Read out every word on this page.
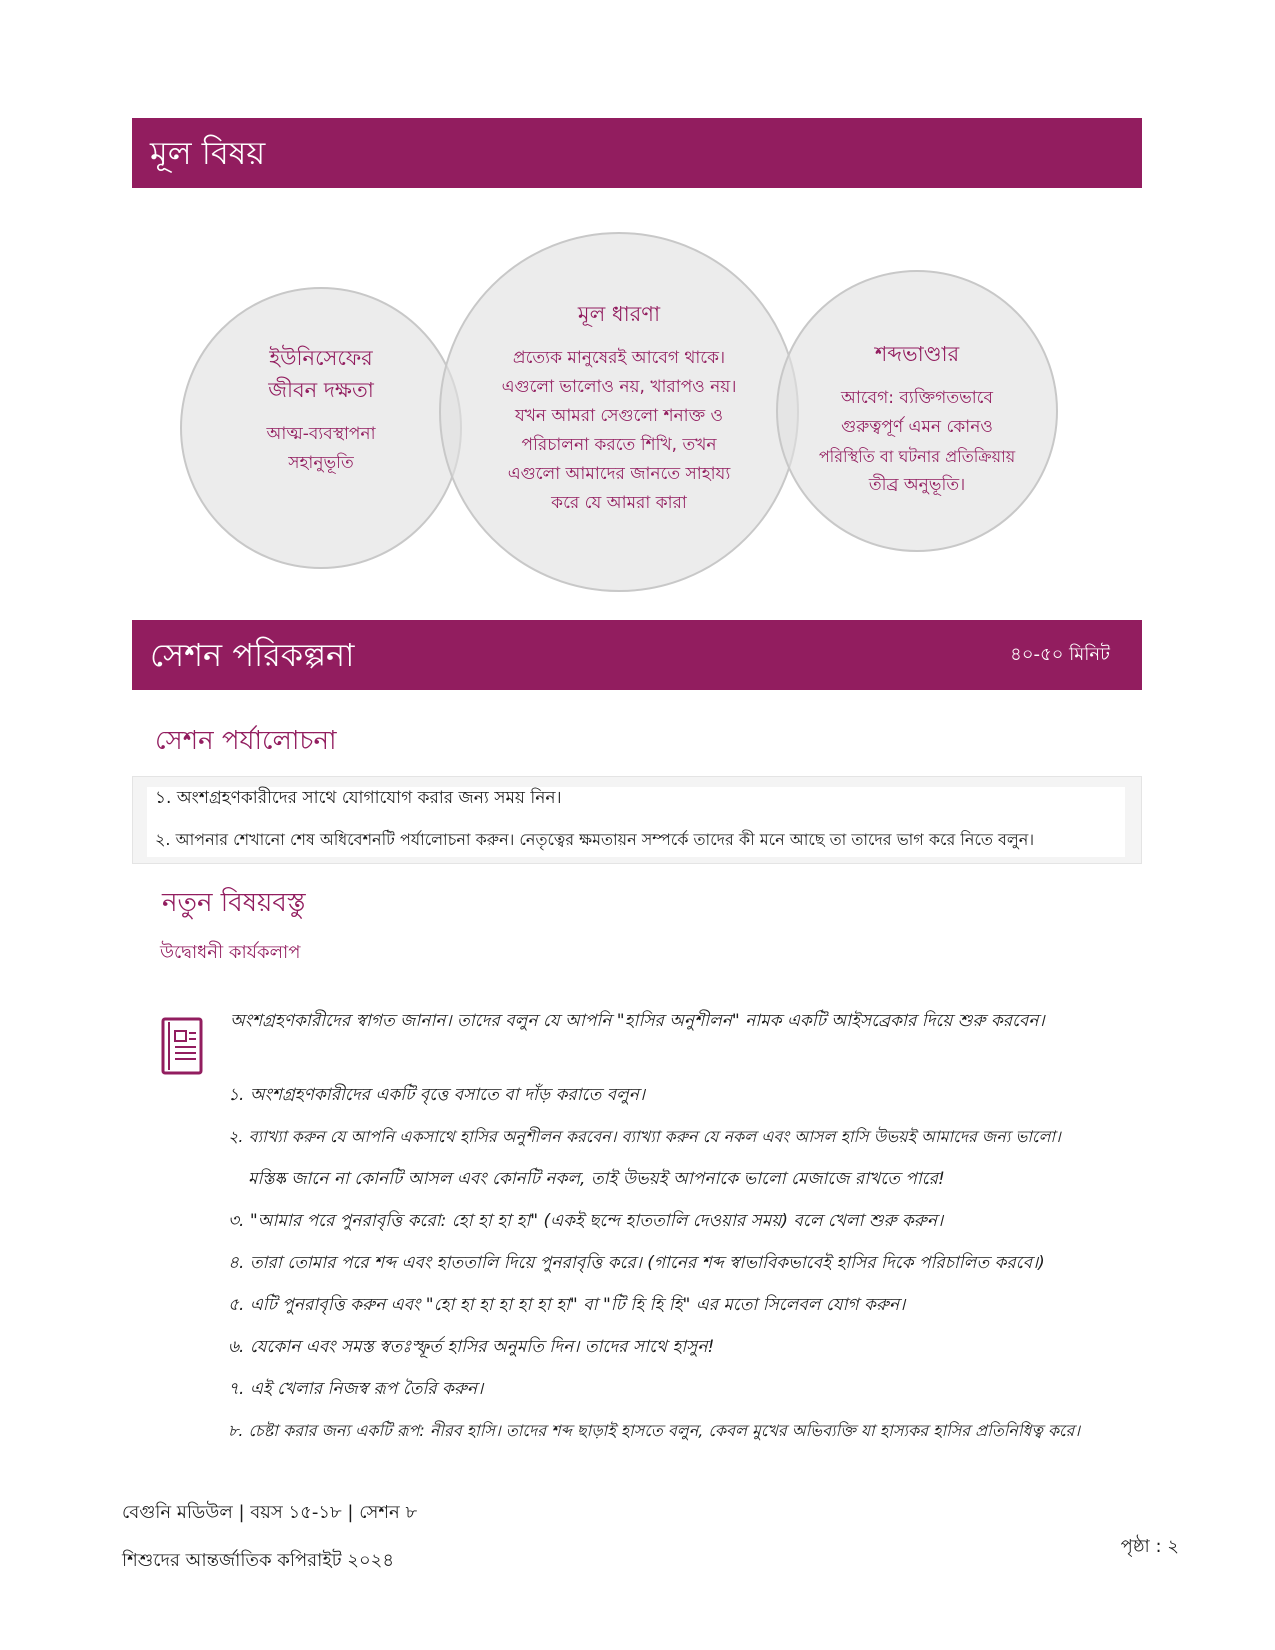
মূল বিষয়
ইউনিসেফের
জীবন দক্ষতা
আত্ম-ব্যবস্থাপনা
সহানুভূতি
মূল ধারণা
প্রত্যেক মানুষেরই আবেগ থাকে।
এগুলো ভালোও নয়, খারাপও নয়।
যখন আমরা সেগুলো শনাক্ত ও
পরিচালনা করতে শিখি, তখন
এগুলো আমাদের জানতে সাহায্য
করে যে আমরা কারা
শব্দভাণ্ডার
আবেগ: ব্যক্তিগতভাবে
গুরুত্বপূর্ণ এমন কোনও
পরিস্থিতি বা ঘটনার প্রতিক্রিয়ায়
তীব্র অনুভূতি।
সেশন পরিকল্পনা	৪০-৫০ মিনিট
সেশন পর্যালোচনা
১. অংশগ্রহণকারীদের সাথে যোগাযোগ করার জন্য সময় নিন।
২. আপনার শেখানো শেষ অধিবেশনটি পর্যালোচনা করুন। নেতৃত্বের ক্ষমতায়ন সম্পর্কে তাদের কী মনে আছে তা তাদের ভাগ করে নিতে বলুন।
নতুন বিষয়বস্তু
উদ্বোধনী কার্যকলাপ
অংশগ্রহণকারীদের স্বাগত জানান। তাদের বলুন যে আপনি "হাসির অনুশীলন" নামক একটি আইসব্রেকার দিয়ে শুরু করবেন।
১. অংশগ্রহণকারীদের একটি বৃত্তে বসাতে বা দাঁড় করাতে বলুন।
২. ব্যাখ্যা করুন যে আপনি একসাথে হাসির অনুশীলন করবেন। ব্যাখ্যা করুন যে নকল এবং আসল হাসি উভয়ই আমাদের জন্য ভালো।
মস্তিষ্ক জানে না কোনটি আসল এবং কোনটি নকল, তাই উভয়ই আপনাকে ভালো মেজাজে রাখতে পারে!
৩. "আমার পরে পুনরাবৃত্তি করো: হো হা হা হা" (একই ছন্দে হাততালি দেওয়ার সময়) বলে খেলা শুরু করুন।
৪. তারা তোমার পরে শব্দ এবং হাততালি দিয়ে পুনরাবৃত্তি করে। (গানের শব্দ স্বাভাবিকভাবেই হাসির দিকে পরিচালিত করবে।)
৫. এটি পুনরাবৃত্তি করুন এবং "হো হা হা হা হা হা হা" বা "টি হি হি হি" এর মতো সিলেবল যোগ করুন।
৬. যেকোন এবং সমস্ত স্বতঃস্ফূর্ত হাসির অনুমতি দিন। তাদের সাথে হাসুন!
৭. এই খেলার নিজস্ব রূপ তৈরি করুন।
৮. চেষ্টা করার জন্য একটি রূপ: নীরব হাসি। তাদের শব্দ ছাড়াই হাসতে বলুন, কেবল মুখের অভিব্যক্তি যা হাস্যকর হাসির প্রতিনিধিত্ব করে।
বেগুনি মডিউল | বয়স ১৫-১৮ | সেশন ৮
শিশুদের আন্তর্জাতিক কপিরাইট ২০২৪
পৃষ্ঠা : ২
